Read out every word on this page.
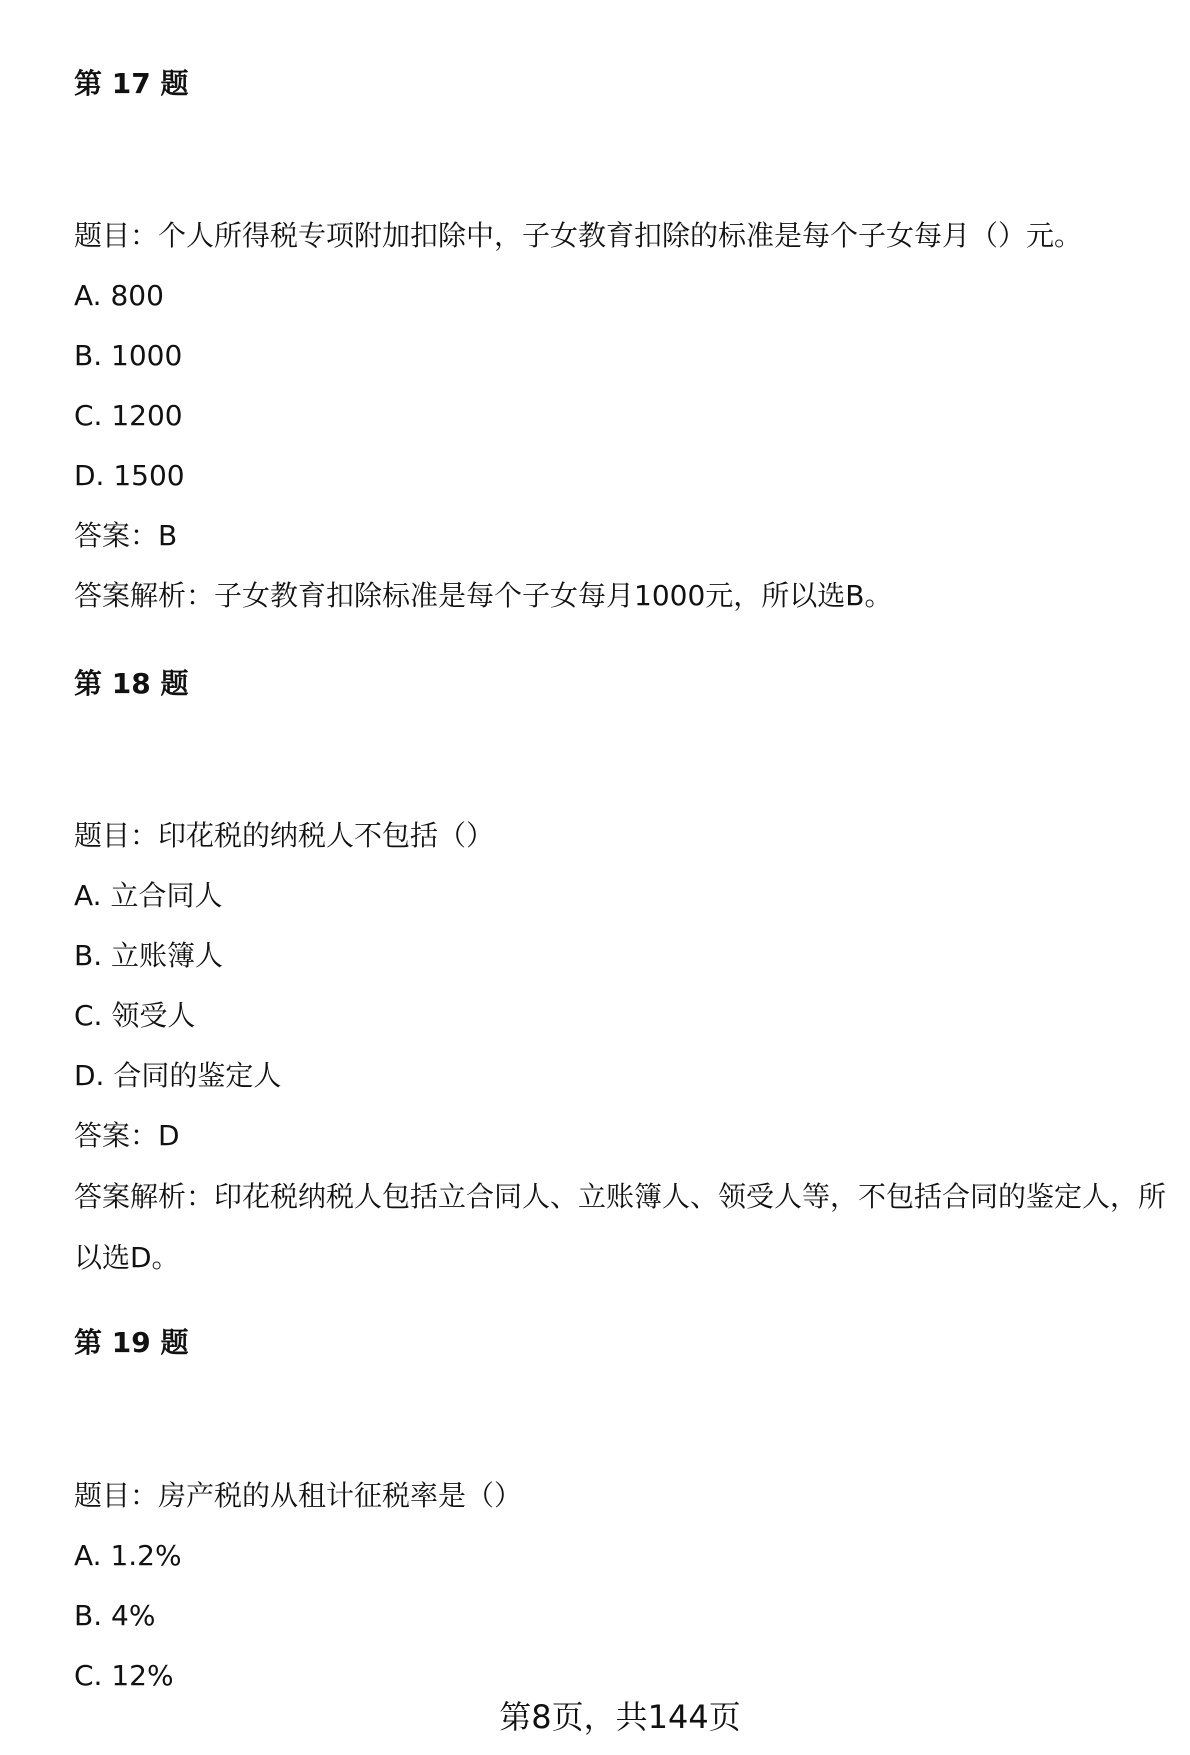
第 17 题

题目：个人所得税专项附加扣除中，子女教育扣除的标准是每个子女每月（）元。

A. 800

B. 1000

C. 1200

D. 1500

答案：B

答案解析：子女教育扣除标准是每个子女每月1000元，所以选B。

第 18 题

题目：印花税的纳税人不包括（）

A. 立合同人

B. 立账簿人

C. 领受人

D. 合同的鉴定人

答案：D

答案解析：印花税纳税人包括立合同人、立账簿人、领受人等，不包括合同的鉴定人，所以选D。

第 19 题

题目：房产税的从租计征税率是（）

A. 1.2%

B. 4%

C. 12%

第8页，共144页
